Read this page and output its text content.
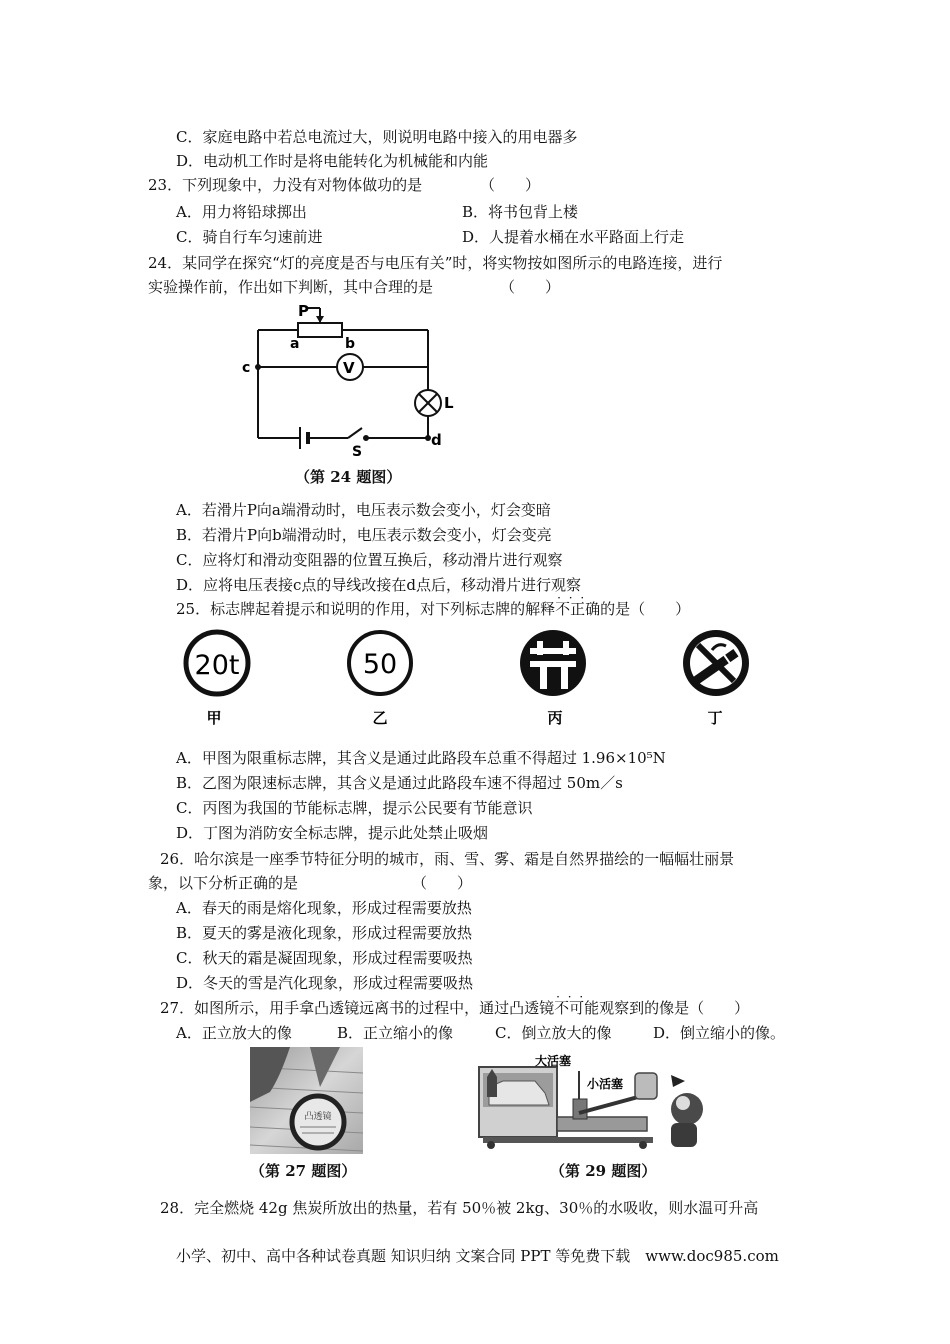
C．家庭电路中若总电流过大，则说明电路中接入的用电器多
D．电动机工作时是将电能转化为机械能和内能
23．下列现象中，力没有对物体做功的是	（　　）
A．用力将铅球掷出	B．将书包背上楼
C．骑自行车匀速前进	D．人提着水桶在水平路面上行走
24．某同学在探究“灯的亮度是否与电压有关”时，将实物按如图所示的电路连接，进行
实验操作前，作出如下判断，其中合理的是	（　　）
P
a	b
c	V
L
S
d
（第 24 题图）
A．若滑片P向a端滑动时，电压表示数会变小，灯会变暗
B．若滑片P向b端滑动时，电压表示数会变小，灯会变亮
C．应将灯和滑动变阻器的位置互换后，移动滑片进行观察
D．应将电压表接c点的导线改接在d点后，移动滑片进行观察
25．标志牌起着提示和说明的作用，对下列标志牌的解释不正确 · · ·的是（　　）
20t	50
甲	乙	丙	丁
A．甲图为限重标志牌，其含义是通过此路段车总重不得超过 1.96×10⁵N
B．乙图为限速标志牌，其含义是通过此路段车速不得超过 50m／s
C．丙图为我国的节能标志牌，提示公民要有节能意识
D．丁图为消防安全标志牌，提示此处禁止吸烟
26．哈尔滨是一座季节特征分明的城市，雨、雪、雾、霜是自然界描绘的一幅幅壮丽景
象，以下分析正确的是	（　　）
A．春天的雨是熔化现象，形成过程需要放热
B．夏天的雾是液化现象，形成过程需要放热
C．秋天的霜是凝固现象，形成过程需要吸热
D．冬天的雪是汽化现象，形成过程需要吸热
27．如图所示，用手拿凸透镜远离书的过程中，通过凸透镜不可能 · · ·观察到的像是（　　）
A．正立放大的像	B．正立缩小的像	C．倒立放大的像	D．倒立缩小的像。
凸透镜
（第 27 题图）
大活塞
小活塞
（第 29 题图）
28．完全燃烧 42g 焦炭所放出的热量，若有 50％被 2kg、30％的水吸收，则水温可升高
小学、初中、高中各种试卷真题 知识归纳 文案合同 PPT 等免费下载　www.doc985.com
